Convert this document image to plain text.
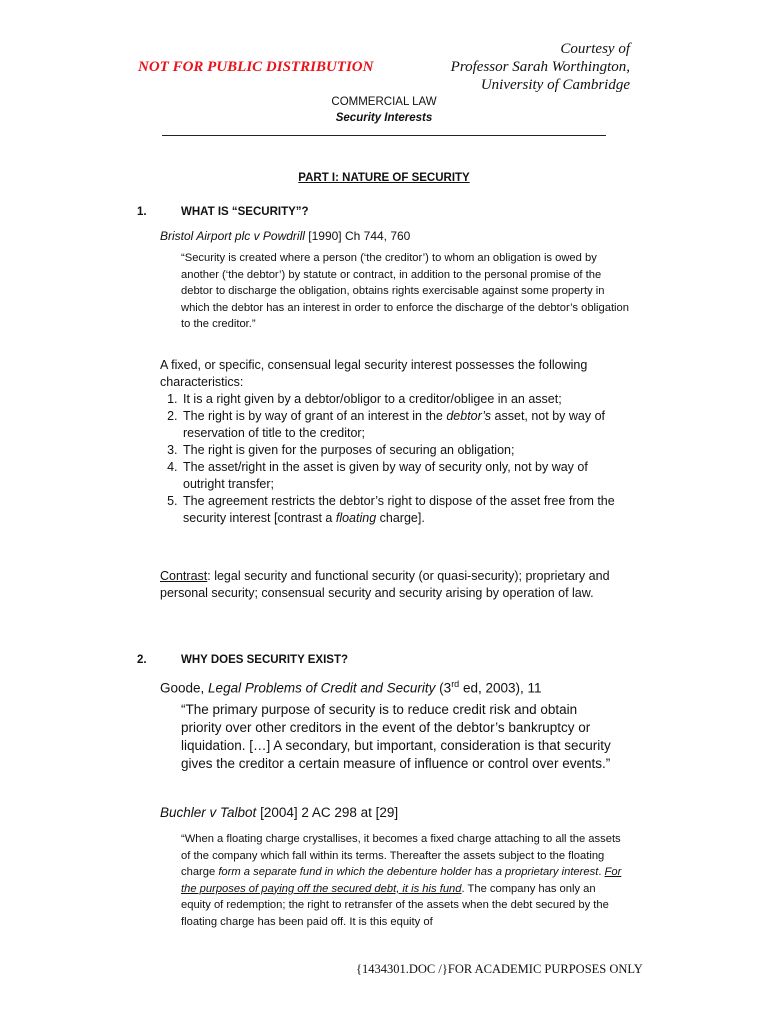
NOT FOR PUBLIC DISTRIBUTION
Courtesy of
Professor Sarah Worthington,
University of Cambridge
COMMERCIAL LAW
Security Interests
PART I: NATURE OF SECURITY
1.	WHAT IS “SECURITY”?
Bristol Airport plc v Powdrill [1990] Ch 744, 760
“Security is created where a person (‘the creditor’) to whom an obligation is owed by another (‘the debtor’) by statute or contract, in addition to the personal promise of the debtor to discharge the obligation, obtains rights exercisable against some property in which the debtor has an interest in order to enforce the discharge of the debtor’s obligation to the creditor.”
A fixed, or specific, consensual legal security interest possesses the following characteristics:
1. It is a right given by a debtor/obligor to a creditor/obligee in an asset;
2. The right is by way of grant of an interest in the debtor’s asset, not by way of reservation of title to the creditor;
3. The right is given for the purposes of securing an obligation;
4. The asset/right in the asset is given by way of security only, not by way of outright transfer;
5. The agreement restricts the debtor’s right to dispose of the asset free from the security interest [contrast a floating charge].
Contrast: legal security and functional security (or quasi-security); proprietary and personal security; consensual security and security arising by operation of law.
2.	WHY DOES SECURITY EXIST?
Goode, Legal Problems of Credit and Security (3rd ed, 2003), 11
“The primary purpose of security is to reduce credit risk and obtain priority over other creditors in the event of the debtor’s bankruptcy or liquidation. […] A secondary, but important, consideration is that security gives the creditor a certain measure of influence or control over events.”
Buchler v Talbot [2004] 2 AC 298 at [29]
“When a floating charge crystallises, it becomes a fixed charge attaching to all the assets of the company which fall within its terms. Thereafter the assets subject to the floating charge form a separate fund in which the debenture holder has a proprietary interest. For the purposes of paying off the secured debt, it is his fund. The company has only an equity of redemption; the right to retransfer of the assets when the debt secured by the floating charge has been paid off. It is this equity of
{1434301.DOC /}FOR ACADEMIC PURPOSES ONLY
